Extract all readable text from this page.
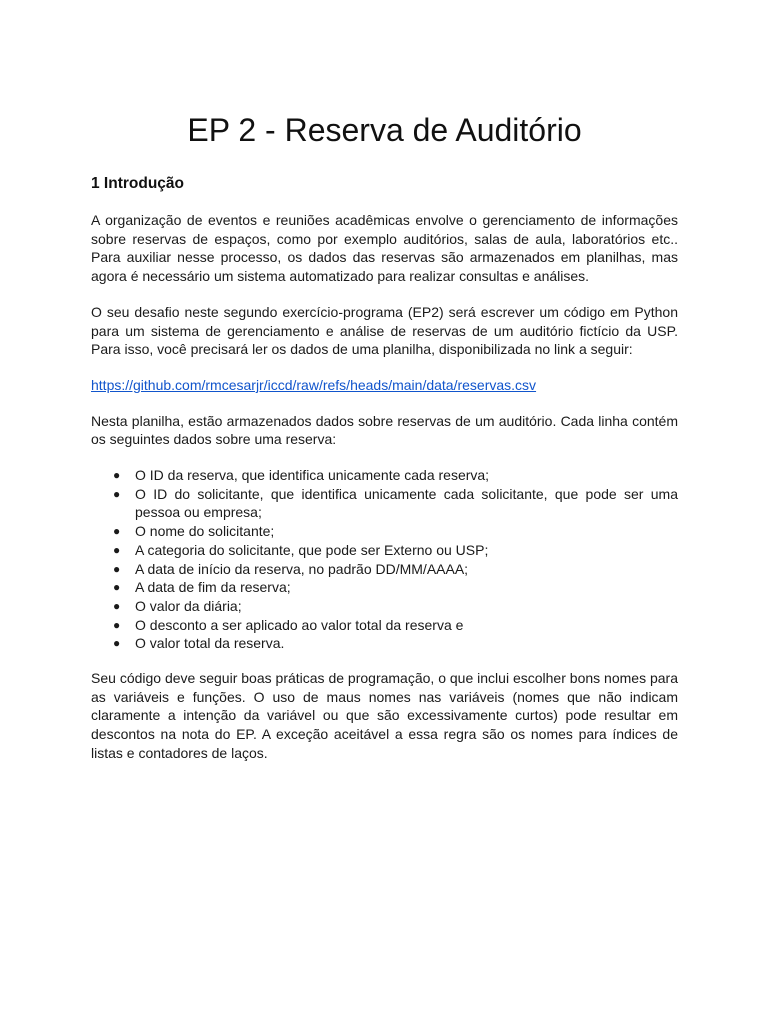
EP 2 - Reserva de Auditório
1 Introdução

A organização de eventos e reuniões acadêmicas envolve o gerenciamento de informações sobre reservas de espaços, como por exemplo auditórios, salas de aula, laboratórios etc.. Para auxiliar nesse processo, os dados das reservas são armazenados em planilhas, mas agora é necessário um sistema automatizado para realizar consultas e análises.

O seu desafio neste segundo exercício-programa (EP2) será escrever um código em Python para um sistema de gerenciamento e análise de reservas de um auditório fictício da USP. Para isso, você precisará ler os dados de uma planilha, disponibilizada no link a seguir:

https://github.com/rmcesarjr/iccd/raw/refs/heads/main/data/reservas.csv

Nesta planilha, estão armazenados dados sobre reservas de um auditório. Cada linha contém os seguintes dados sobre uma reserva:

● O ID da reserva, que identifica unicamente cada reserva;
● O ID do solicitante, que identifica unicamente cada solicitante, que pode ser uma pessoa ou empresa;
● O nome do solicitante;
● A categoria do solicitante, que pode ser Externo ou USP;
● A data de início da reserva, no padrão DD/MM/AAAA;
● A data de fim da reserva;
● O valor da diária;
● O desconto a ser aplicado ao valor total da reserva e
● O valor total da reserva.

Seu código deve seguir boas práticas de programação, o que inclui escolher bons nomes para as variáveis e funções. O uso de maus nomes nas variáveis (nomes que não indicam claramente a intenção da variável ou que são excessivamente curtos) pode resultar em descontos na nota do EP. A exceção aceitável a essa regra são os nomes para índices de listas e contadores de laços.
